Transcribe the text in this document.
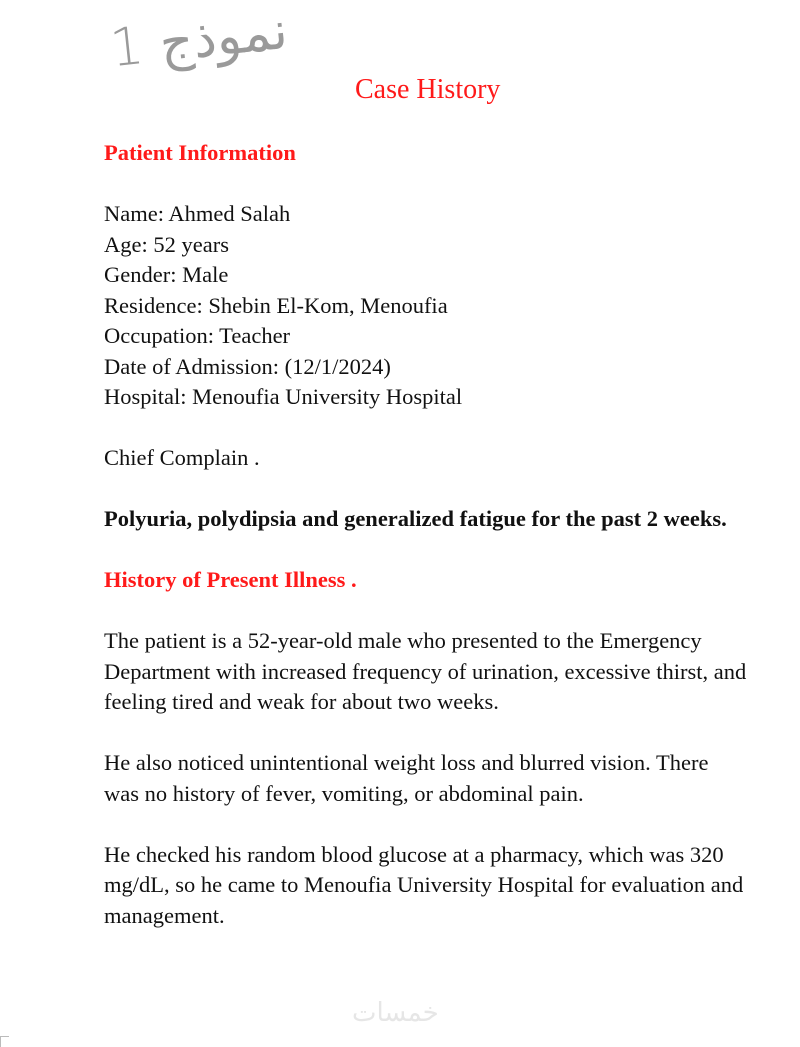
نموذج 1
Case History
Patient Information
Name: Ahmed Salah
Age: 52 years
Gender: Male
Residence: Shebin El-Kom, Menoufia
Occupation: Teacher
Date of Admission: (12/1/2024)
Hospital: Menoufia University Hospital
Chief Complain .
Polyuria, polydipsia and generalized fatigue for the past 2 weeks.
History of Present Illness .
The patient is a 52-year-old male who presented to the Emergency Department with increased frequency of urination, excessive thirst, and feeling tired and weak for about two weeks.
He also noticed unintentional weight loss and blurred vision. There was no history of fever, vomiting, or abdominal pain.
He checked his random blood glucose at a pharmacy, which was 320 mg/dL, so he came to Menoufia University Hospital for evaluation and management.
خمسات
